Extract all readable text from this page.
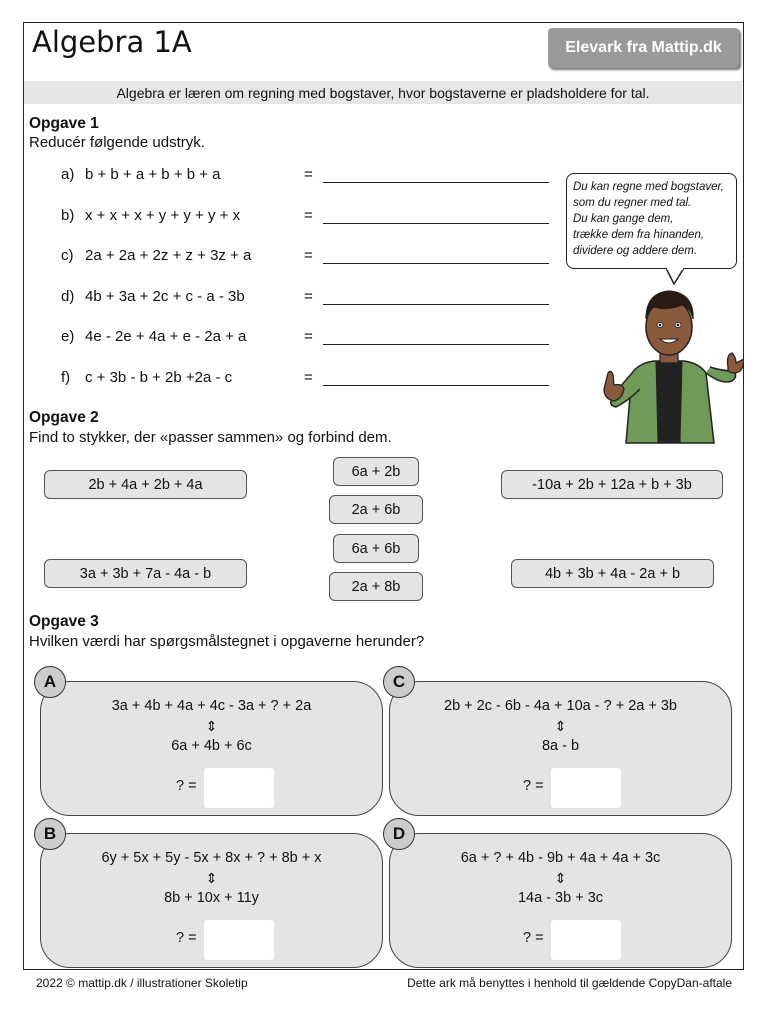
Algebra 1A	Elevark fra Mattip.dk
Algebra er læren om regning med bogstaver, hvor bogstaverne er pladsholdere for tal.
Opgave 1
Reducér følgende udstryk.
a) b + b + a + b + b + a	=
b) x + x + x + y + y + y + x	=
c) 2a + 2a + 2z + z + 3z + a	=
d) 4b + 3a + 2c + c - a - 3b	=
e) 4e - 2e + 4a + e - 2a + a	=
f) c + 3b - b + 2b +2a - c	=
Du kan regne med bogstaver,
som du regner med tal.
Du kan gange dem,
trække dem fra hinanden,
dividere og addere dem.
Opgave 2
Find to stykker, der «passer sammen» og forbind dem.
2b + 4a + 2b + 4a
3a + 3b + 7a - 4a - b
6a + 2b
2a + 6b
6a + 6b
2a + 8b
-10a + 2b + 12a + b + 3b
4b + 3b + 4a - 2a + b
Opgave 3
Hvilken værdi har spørgsmålstegnet i opgaverne herunder?
3a + 4b + 4a + 4c - 3a + ? + 2a
⇕
6a + 4b + 6c
? =
A
2b + 2c - 6b - 4a + 10a - ? + 2a + 3b
⇕
8a - b
? =
C
6y + 5x + 5y - 5x + 8x + ? + 8b + x
⇕
8b + 10x + 11y
? =
B
6a + ? + 4b - 9b + 4a + 4a + 3c
⇕
14a - 3b + 3c
? =
D
2022 © mattip.dk / illustrationer Skoletip	Dette ark må benyttes i henhold til gældende CopyDan-aftale
